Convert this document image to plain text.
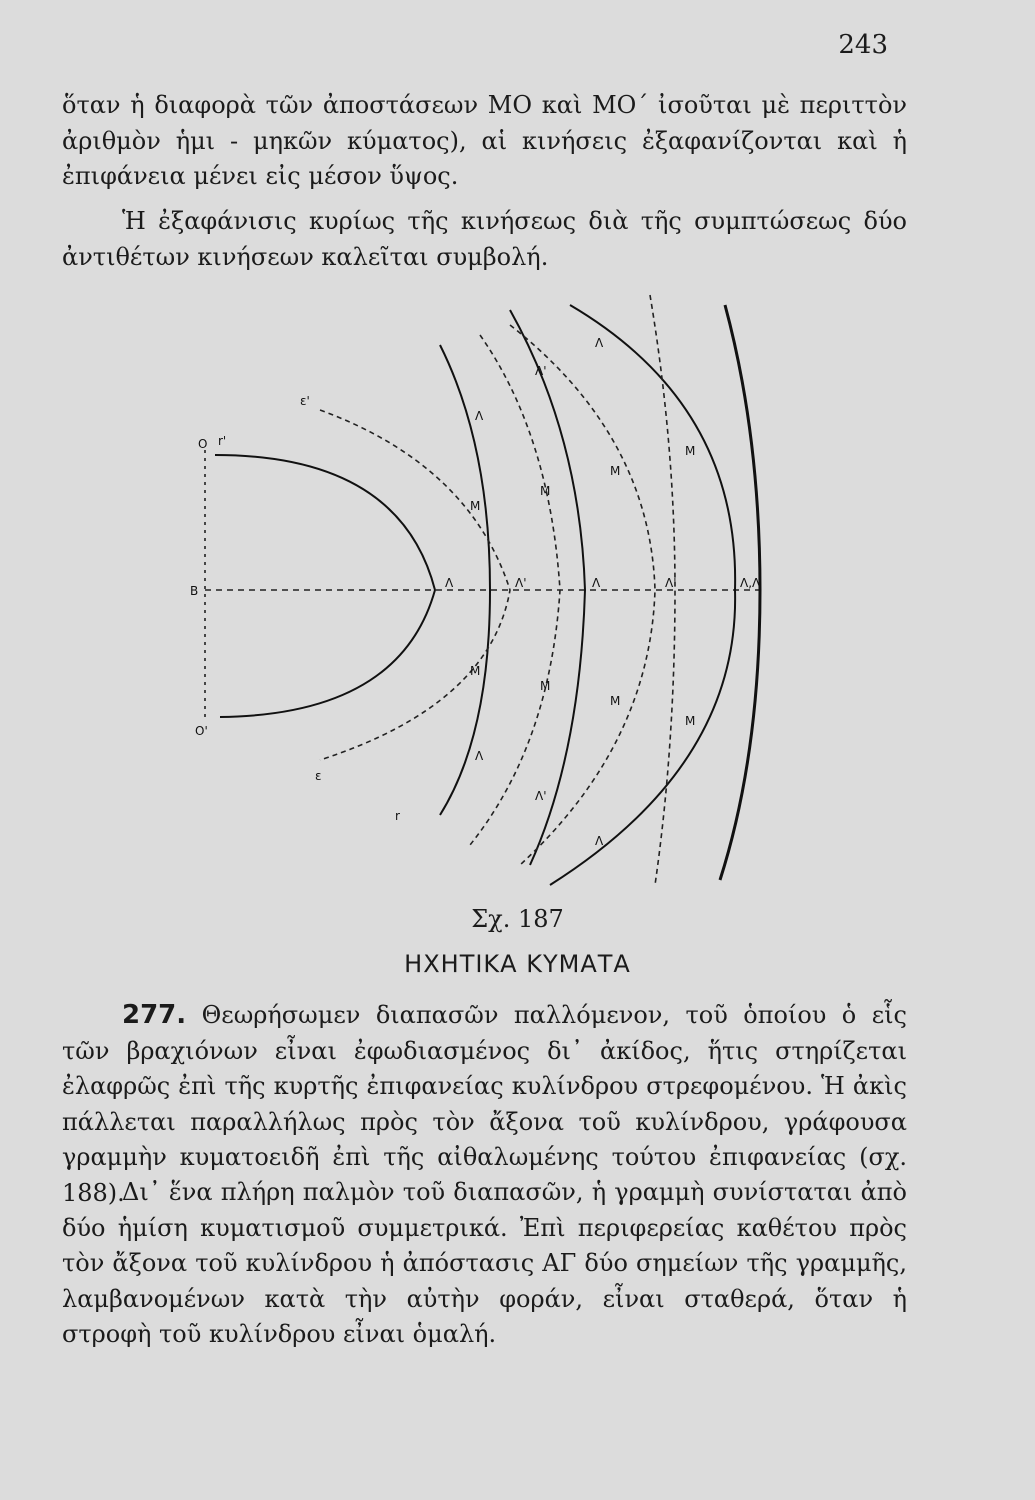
243

ὅταν ἡ διαφορὰ τῶν ἀποστάσεων ΜΟ καὶ ΜΟ΄ ἰσοῦται μὲ περιττὸν ἀριθμὸν ἡμι - μηκῶν κύματος), αἱ κινήσεις ἐξαφανίζονται καὶ ἡ ἐπιφάνεια μένει εἰς μέσον ὕψος.

Ἡ ἐξαφάνισις κυρίως τῆς κινήσεως διὰ τῆς συμπτώσεως δύο ἀντιθέτων κινήσεων καλεῖται συμβολή.

O r'
O'
B
ε'
ε
r
M
M
M
M
M
M
M
M
Λ
Λ
Λ	Λ
Λ
Λ
Λ'
Λ'	Λ'
Λ'
Λ,Λ
Σχ. 187
ΗΧΗΤΙΚΑ ΚΥΜΑΤΑ

277. Θεωρήσωμεν διαπασῶν παλλόμενον, τοῦ ὁποίου ὁ εἷς τῶν βραχιόνων εἶναι ἐφωδιασμένος δι᾽ ἀκίδος, ἥτις στηρίζεται ἐλαφρῶς ἐπὶ τῆς κυρτῆς ἐπιφανείας κυλίνδρου στρεφομένου. Ἡ ἀκὶς πάλλεται παραλλήλως πρὸς τὸν ἄξονα τοῦ κυλίνδρου, γράφουσα γραμμὴν κυματοειδῆ ἐπὶ τῆς αἰθαλωμένης τούτου ἐπιφανείας (σχ. 188).

Δι᾽ ἕνα πλήρη παλμὸν τοῦ διαπασῶν, ἡ γραμμὴ συνίσταται ἀπὸ δύο ἡμίση κυματισμοῦ συμμετρικά. Ἐπὶ περιφερείας καθέτου πρὸς τὸν ἄξονα τοῦ κυλίνδρου ἡ ἀπόστασις ΑΓ δύο σημείων τῆς γραμμῆς, λαμβανομένων κατὰ τὴν αὐτὴν φοράν, εἶναι σταθερά, ὅταν ἡ στροφὴ τοῦ κυλίνδρου εἶναι ὁμαλή.
